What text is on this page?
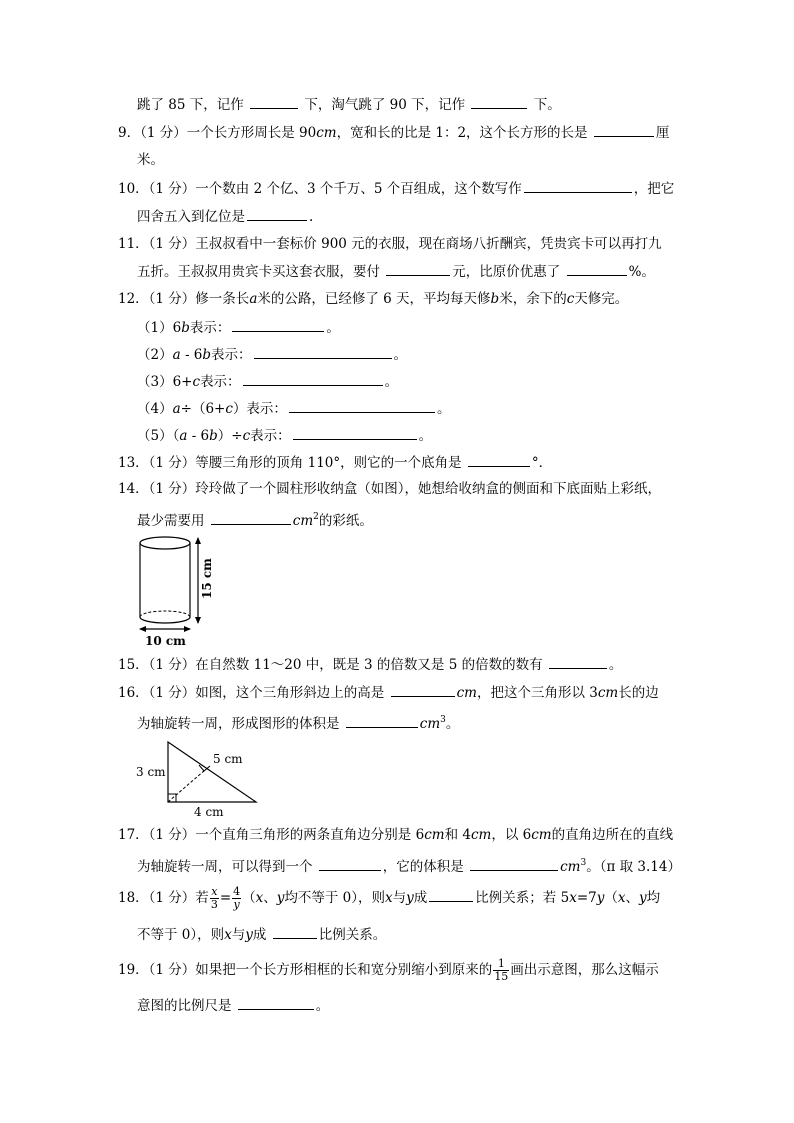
跳了 85 下，记作	下，淘气跳了 90 下，记作	下。
9．（1 分）一个长方形周长是 90cm，宽和长的比是 1：2，这个长方形的长是	厘
米。
10．（1 分）一个数由 2 个亿、3 个千万、5 个百组成，这个数写作	，把它
四舍五入到亿位是	.
11．（1 分）王叔叔看中一套标价 900 元的衣服，现在商场八折酬宾，凭贵宾卡可以再打九
五折。王叔叔用贵宾卡买这套衣服，要付	元，比原价优惠了	%。
12．（1 分）修一条长a米的公路，已经修了 6 天，平均每天修b米，余下的c天修完。
（1）6b表示：	。
（2）a - 6b表示：	。
（3）6+c表示：	。
（4）a÷（6+c）表示：	。
（5）（a - 6b）÷c表示：	。
13．（1 分）等腰三角形的顶角 110°，则它的一个底角是	°．
14．（1 分）玲玲做了一个圆柱形收纳盒（如图），她想给收纳盒的侧面和下底面贴上彩纸，
最少需要用	$cm^2$的彩纸。
15 cm
10 cm
15．（1 分）在自然数 11～20 中，既是 3 的倍数又是 5 的倍数的数有	。
16．（1 分）如图，这个三角形斜边上的高是	cm，把这个三角形以 3cm长的边
为轴旋转一周，形成图形的体积是	$cm^3$。
3 cm
5 cm
4 cm
17．（1 分）一个直角三角形的两条直角边分别是 6cm和 4cm，以 6cm的直角边所在的直线
为轴旋转一周，可以得到一个	，它的体积是	$cm^3$。（π 取 3.14）
18．（1 分）若 $\frac{x}{3} = \frac{4}{y} (x$、y均不等于 0），则x与y成	比例关系；若 5x=7y（x、y均
不等于 0），则x与y成	比例关系。
19．（1 分）如果把一个长方形相框的长和宽分别缩小到原来的 $\frac{1}{15}$ 画出示意图，那么这幅示
意图的比例尺是	。
